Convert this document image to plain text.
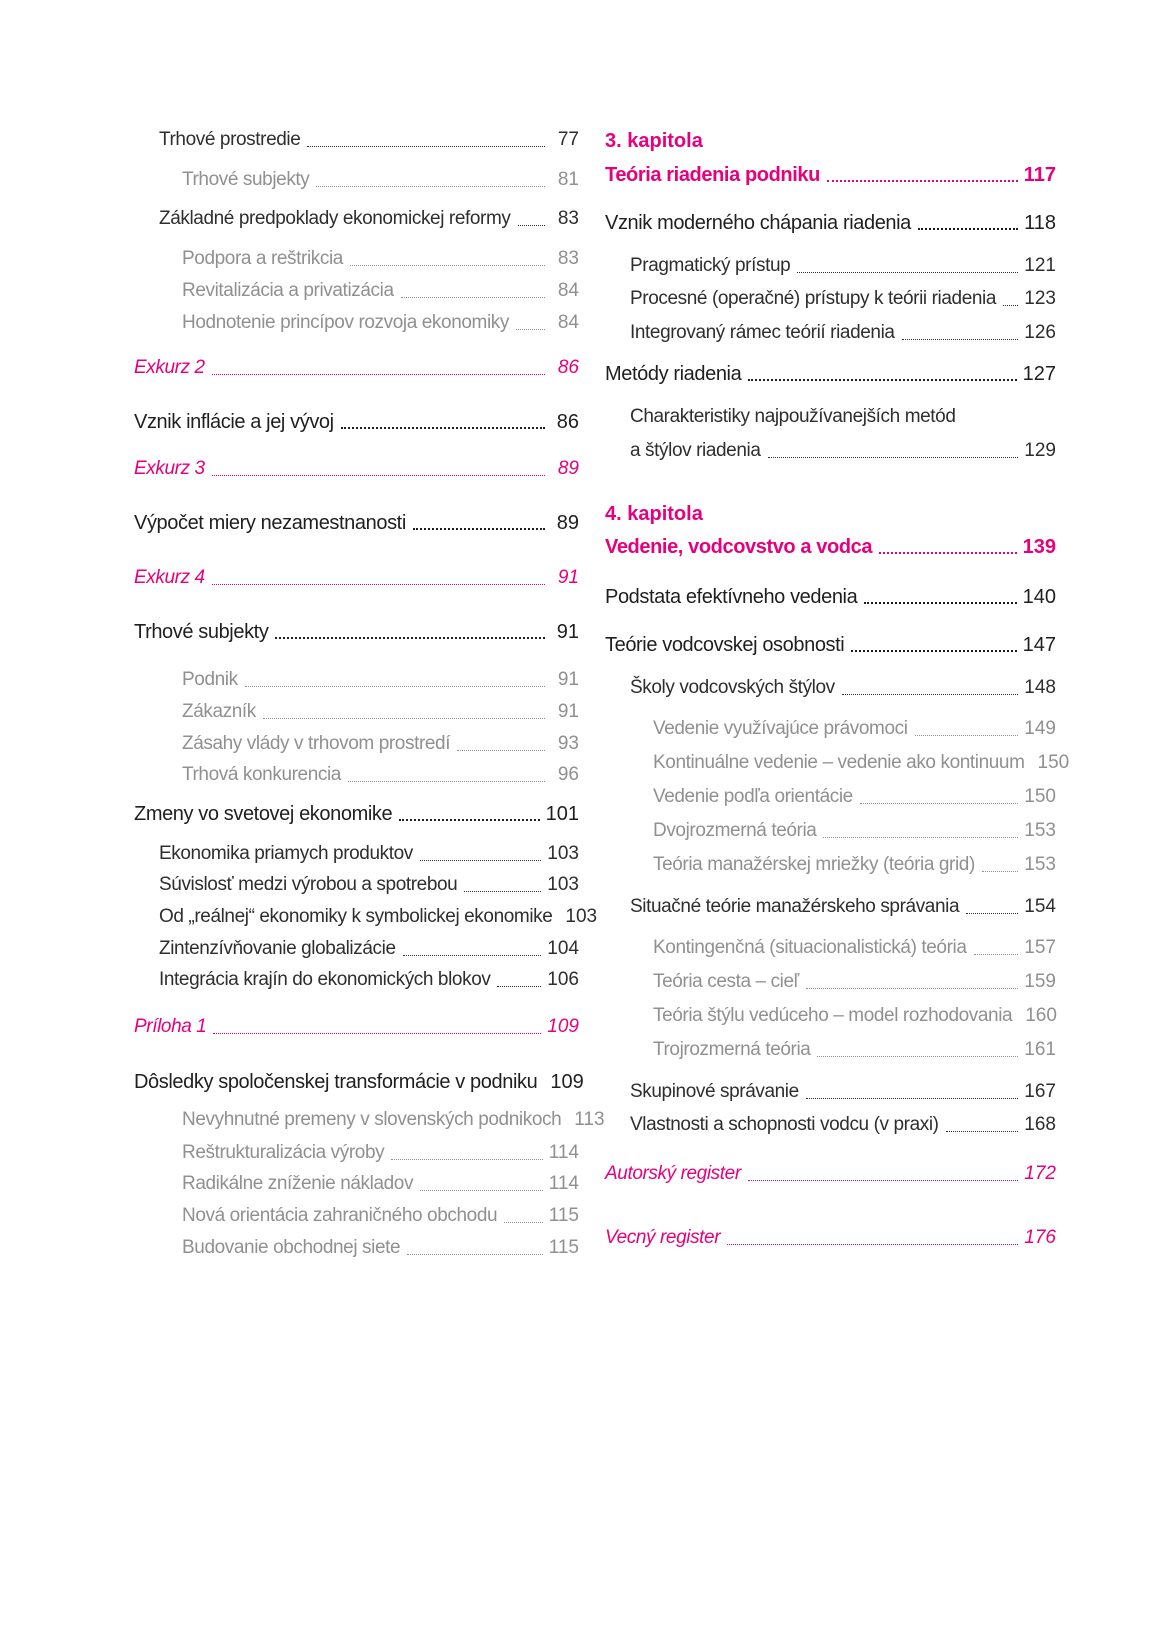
Trhové prostredie	77
Trhové subjekty	81
Základné predpoklady ekonomickej reformy	83
Podpora a reštrikcia	83
Revitalizácia a privatizácia	84
Hodnotenie princípov rozvoja ekonomiky	84
Exkurz 2	86
Vznik inflácie a jej vývoj	86
Exkurz 3	89
Výpočet miery nezamestnanosti	89
Exkurz 4	91
Trhové subjekty	91
Podnik	91
Zákazník	91
Zásahy vlády v trhovom prostredí	93
Trhová konkurencia	96
Zmeny vo svetovej ekonomike	101
Ekonomika priamych produktov	103
Súvislosť medzi výrobou a spotrebou	103
Od „reálnej“ ekonomiky k symbolickej ekonomike 103
Zintenzívňovanie globalizácie	104
Integrácia krajín do ekonomických blokov	106
Príloha 1	109
Dôsledky spoločenskej transformácie v podniku 109
Nevyhnutné premeny v slovenských podnikoch 113
Reštrukturalizácia výroby	114
Radikálne zníženie nákladov	114
Nová orientácia zahraničného obchodu	115
Budovanie obchodnej siete	115
3. kapitola
Teória riadenia podniku	117
Vznik moderného chápania riadenia	118
Pragmatický prístup	121
Procesné (operačné) prístupy k teórii riadenia 123
Integrovaný rámec teórií riadenia	126
Metódy riadenia	127
Charakteristiky najpoužívanejších metód
a štýlov riadenia	129
4. kapitola
Vedenie, vodcovstvo a vodca	139
Podstata efektívneho vedenia	140
Teórie vodcovskej osobnosti	147
Školy vodcovských štýlov	148
Vedenie využívajúce právomoci	149
Kontinuálne vedenie – vedenie ako kontinuum 150
Vedenie podľa orientácie	150
Dvojrozmerná teória	153
Teória manažérskej mriežky (teória grid)	153
Situačné teórie manažérskeho správania	154
Kontingenčná (situacionalistická) teória	157
Teória cesta – cieľ	159
Teória štýlu vedúceho – model rozhodovania 160
Trojrozmerná teória	161
Skupinové správanie	167
Vlastnosti a schopnosti vodcu (v praxi)	168
Autorský register	172
Vecný register	176
